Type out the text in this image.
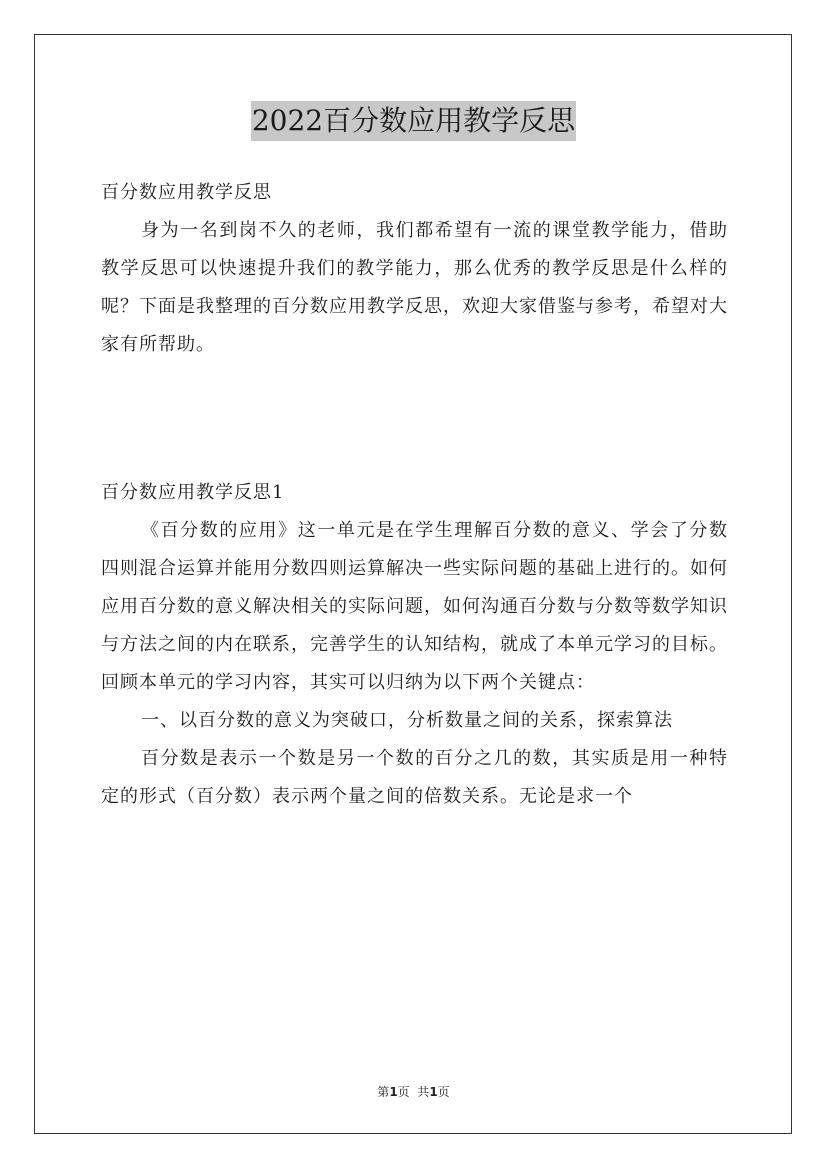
2022百分数应用教学反思

百分数应用教学反思

身为一名到岗不久的老师，我们都希望有一流的课堂教学能力，借助教学反思可以快速提升我们的教学能力，那么优秀的教学反思是什么样的呢？下面是我整理的百分数应用教学反思，欢迎大家借鉴与参考，希望对大家有所帮助。

百分数应用教学反思1

《百分数的应用》这一单元是在学生理解百分数的意义、学会了分数四则混合运算并能用分数四则运算解决一些实际问题的基础上进行的。如何应用百分数的意义解决相关的实际问题，如何沟通百分数与分数等数学知识与方法之间的内在联系，完善学生的认知结构，就成了本单元学习的目标。回顾本单元的学习内容，其实可以归纳为以下两个关键点：

一、以百分数的意义为突破口，分析数量之间的关系，探索算法

百分数是表示一个数是另一个数的百分之几的数，其实质是用一种特定的形式（百分数）表示两个量之间的倍数关系。无论是求一个

第1页  共1页
